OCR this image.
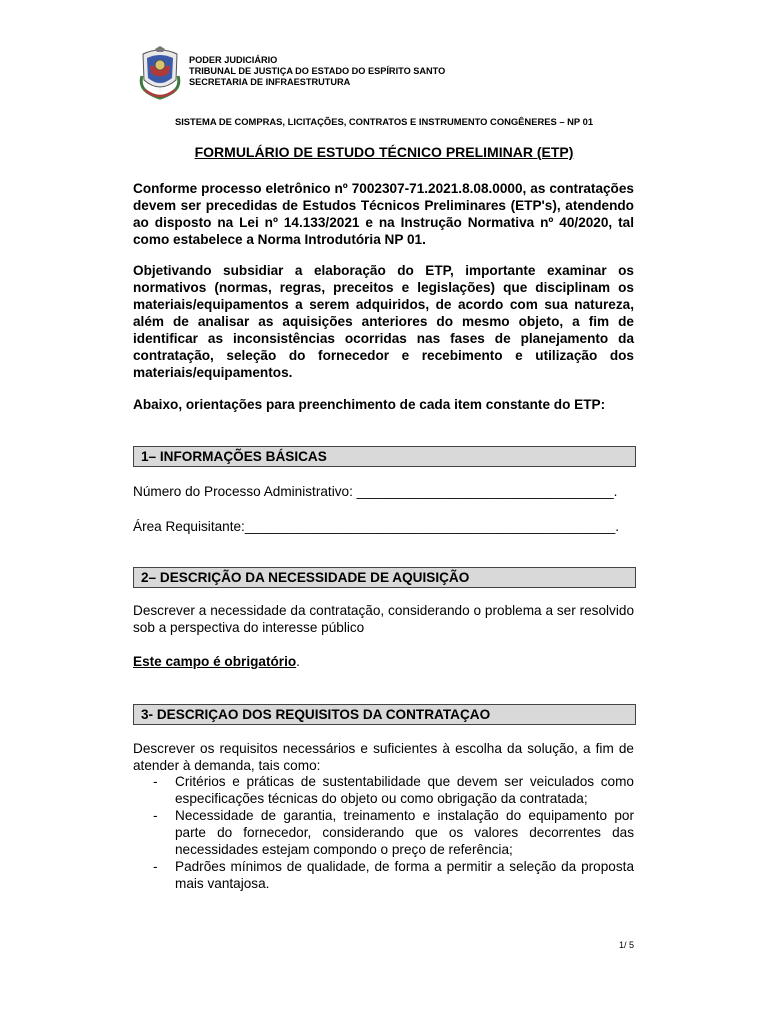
PODER JUDICIÁRIO
TRIBUNAL DE JUSTIÇA DO ESTADO DO ESPÍRITO SANTO
SECRETARIA DE INFRAESTRUTURA
SISTEMA DE COMPRAS, LICITAÇÕES, CONTRATOS E INSTRUMENTO CONGÊNERES – NP 01
FORMULÁRIO DE ESTUDO TÉCNICO PRELIMINAR (ETP)
Conforme processo eletrônico nº 7002307-71.2021.8.08.0000, as contratações devem ser precedidas de Estudos Técnicos Preliminares (ETP's), atendendo ao disposto na Lei nº 14.133/2021 e na Instrução Normativa nº 40/2020, tal como estabelece a Norma Introdutória NP 01.
Objetivando subsidiar a elaboração do ETP, importante examinar os normativos (normas, regras, preceitos e legislações) que disciplinam os materiais/equipamentos a serem adquiridos, de acordo com sua natureza, além de analisar as aquisições anteriores do mesmo objeto, a fim de identificar as inconsistências ocorridas nas fases de planejamento da contratação, seleção do fornecedor e recebimento e utilização dos materiais/equipamentos.
Abaixo, orientações para preenchimento de cada item constante do ETP:
1– INFORMAÇÕES BÁSICAS
Número do Processo Administrativo: __________________________________.
Área Requisitante:_________________________________________________.
2– DESCRIÇÃO DA NECESSIDADE DE AQUISIÇÃO
Descrever a necessidade da contratação, considerando o problema a ser resolvido sob a perspectiva do interesse público
Este campo é obrigatório.
3- DESCRIÇAO DOS REQUISITOS DA CONTRATAÇAO
Descrever os requisitos necessários e suficientes à escolha da solução, a fim de atender à demanda, tais como:
- Critérios e práticas de sustentabilidade que devem ser veiculados como especificações técnicas do objeto ou como obrigação da contratada;
- Necessidade de garantia, treinamento e instalação do equipamento por parte do fornecedor, considerando que os valores decorrentes das necessidades estejam compondo o preço de referência;
- Padrões mínimos de qualidade, de forma a permitir a seleção da proposta mais vantajosa.
1/ 5
